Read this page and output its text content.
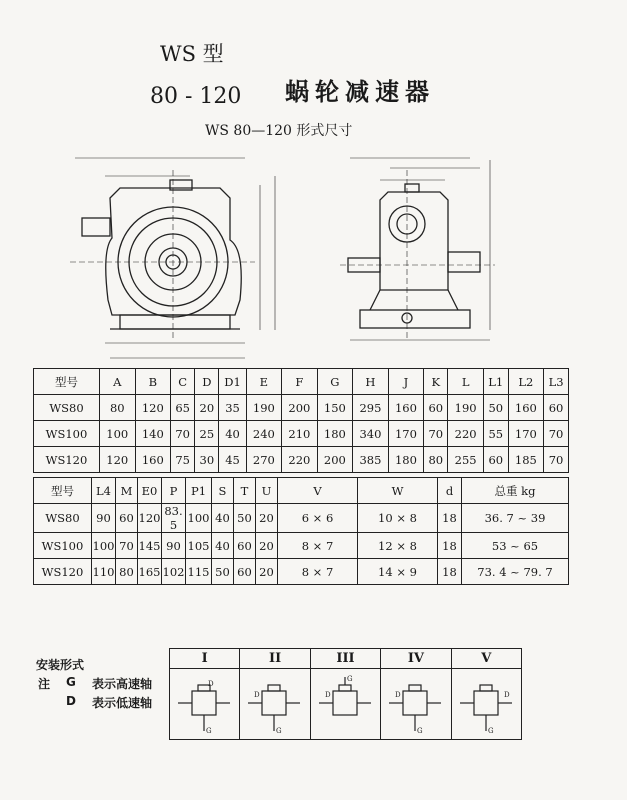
WS 型
80 - 120 蜗轮减速器
WS 80—120 形式尺寸
型号	A	B	C	D	D1	E	F	G	H	J	K	L	L1	L2	L3
WS80	80	120	65	20	35	190	200	150	295	160	60	190	50	160	60
WS100	100	140	70	25	40	240	210	180	340	170	70	220	55	170	70
WS120	120	160	75	30	45	270	220	200	385	180	80	255	60	185	70
型号	L4	M	E0	P	P1	S	T	U	V	W	d	总重 kg
WS80	90	60	120	83. 5	100	40	50	20	6 × 6	10 × 8	18	36. 7 ~ 39
WS100	100	70	145	90	105	40	60	20	8 × 7	12 × 8	18	53 ~ 65
WS120	110	80	165	102	115	50	60	20	8 × 7	14 × 9	18	73. 4 ~ 79. 7
安装形式
注 G 表示高速轴
D 表示低速轴
I	II	III	IV	V
D
G
D
G
D
G
D
G
D
G
